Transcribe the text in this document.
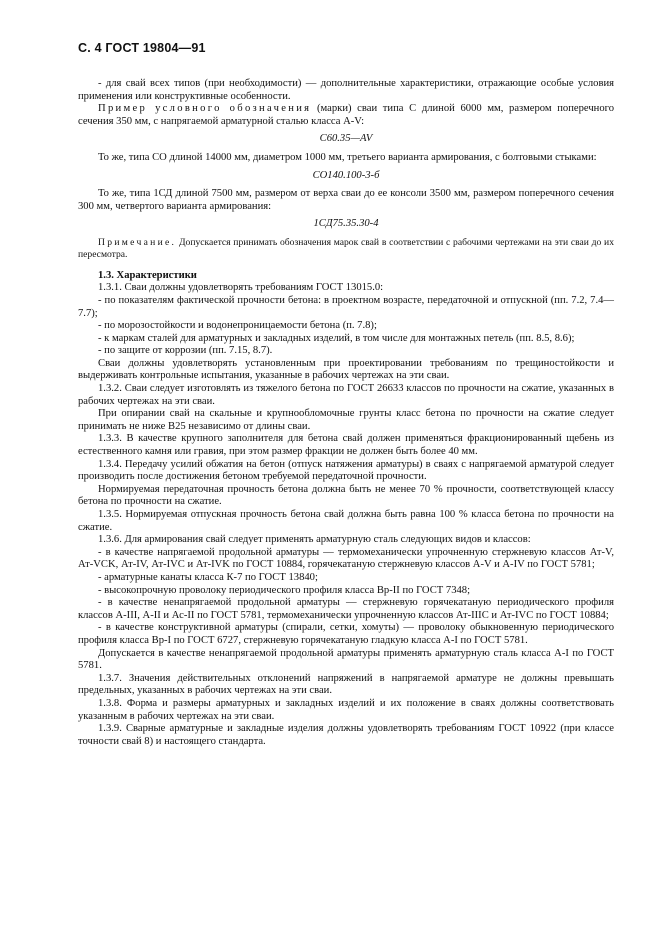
С. 4 ГОСТ 19804—91

- для свай всех типов (при необходимости) — дополнительные характеристики, отражающие особые условия применения или конструктивные особенности.

Пример условного обозначения (марки) сваи типа С длиной 6000 мм, размером поперечного сечения 350 мм, с напрягаемой арматурной сталью класса A-V:

С60.35—AV

То же, типа СО длиной 14000 мм, диаметром 1000 мм, третьего варианта армирования, с болтовыми стыками:

СО140.100-3-б

То же, типа 1СД длиной 7500 мм, размером от верха сваи до ее консоли 3500 мм, размером поперечного сечения 300 мм, четвертого варианта армирования:

1СД75.35.30-4

Примечание. Допускается принимать обозначения марок свай в соответствии с рабочими чертежами на эти сваи до их пересмотра.

1.3. Характеристики

1.3.1. Сваи должны удовлетворять требованиям ГОСТ 13015.0:

- по показателям фактической прочности бетона: в проектном возрасте, передаточной и отпускной (пп. 7.2, 7.4—7.7);

- по морозостойкости и водонепроницаемости бетона (п. 7.8);

- к маркам сталей для арматурных и закладных изделий, в том числе для монтажных петель (пп. 8.5, 8.6);

- по защите от коррозии (пп. 7.15, 8.7).

Сваи должны удовлетворять установленным при проектировании требованиям по трещиностойкости и выдерживать контрольные испытания, указанные в рабочих чертежах на эти сваи.

1.3.2. Сваи следует изготовлять из тяжелого бетона по ГОСТ 26633 классов по прочности на сжатие, указанных в рабочих чертежах на эти сваи.

При опирании свай на скальные и крупнообломочные грунты класс бетона по прочности на сжатие следует принимать не ниже В25 независимо от длины сваи.

1.3.3. В качестве крупного заполнителя для бетона свай должен применяться фракционированный щебень из естественного камня или гравия, при этом размер фракции не должен быть более 40 мм.

1.3.4. Передачу усилий обжатия на бетон (отпуск натяжения арматуры) в сваях с напрягаемой арматурой следует производить после достижения бетоном требуемой передаточной прочности.

Нормируемая передаточная прочность бетона должна быть не менее 70 % прочности, соответствующей классу бетона по прочности на сжатие.

1.3.5. Нормируемая отпускная прочность бетона свай должна быть равна 100 % класса бетона по прочности на сжатие.

1.3.6. Для армирования свай следует применять арматурную сталь следующих видов и классов:

- в качестве напрягаемой продольной арматуры — термомеханически упрочненную стержневую классов Ат-V, Ат-VCK, Ат-IV, Ат-IVC и Ат-IVK по ГОСТ 10884, горячекатаную стержневую классов A-V и A-IV по ГОСТ 5781;

- арматурные канаты класса К-7 по ГОСТ 13840;

- высокопрочную проволоку периодического профиля класса Вр-II по ГОСТ 7348;

- в качестве ненапрягаемой продольной арматуры — стержневую горячекатаную периодического профиля классов А-III, А-II и Ас-II по ГОСТ 5781, термомеханически упрочненную классов Ат-IIIC и Ат-IVC по ГОСТ 10884;

- в качестве конструктивной арматуры (спирали, сетки, хомуты) — проволоку обыкновенную периодического профиля класса Вр-I по ГОСТ 6727, стержневую горячекатаную гладкую класса А-I по ГОСТ 5781.

Допускается в качестве ненапрягаемой продольной арматуры применять арматурную сталь класса А-I по ГОСТ 5781.

1.3.7. Значения действительных отклонений напряжений в напрягаемой арматуре не должны превышать предельных, указанных в рабочих чертежах на эти сваи.

1.3.8. Форма и размеры арматурных и закладных изделий и их положение в сваях должны соответствовать указанным в рабочих чертежах на эти сваи.

1.3.9. Сварные арматурные и закладные изделия должны удовлетворять требованиям ГОСТ 10922 (при классе точности свай 8) и настоящего стандарта.
